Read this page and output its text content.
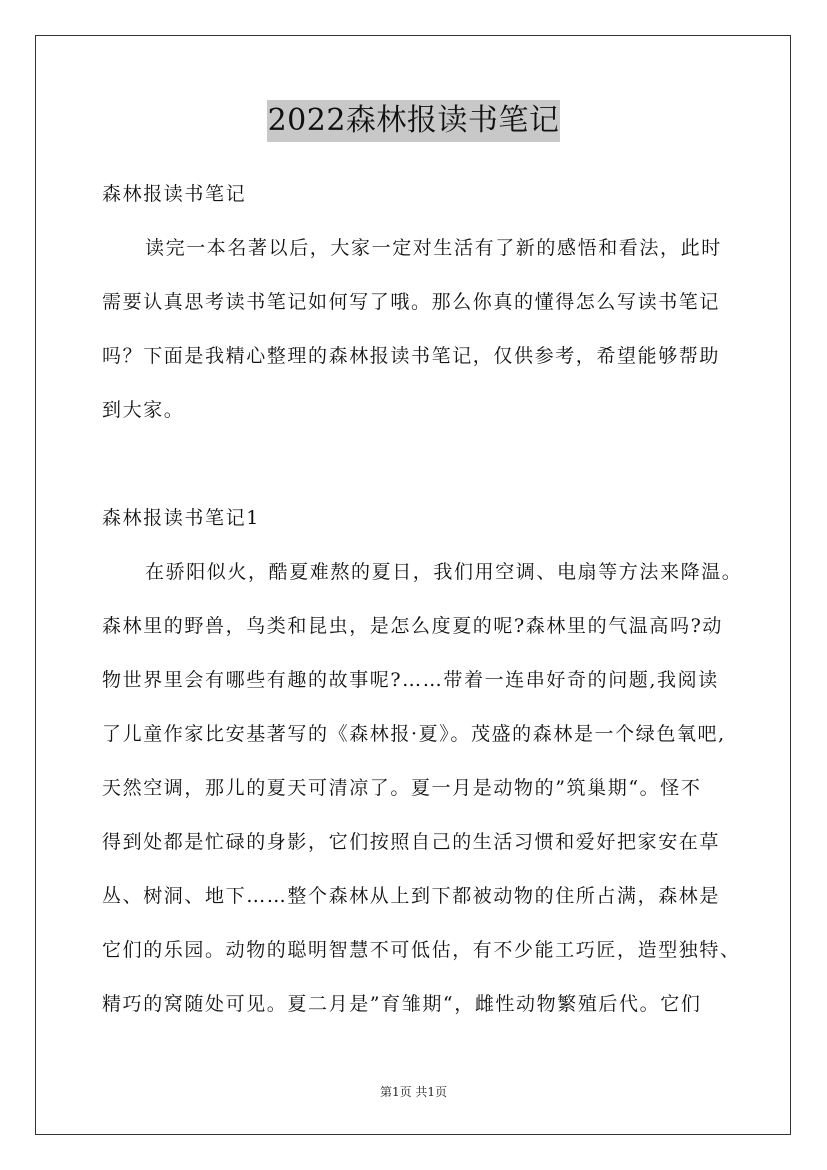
2022森林报读书笔记
森林报读书笔记
读完一本名著以后，大家一定对生活有了新的感悟和看法，此时
需要认真思考读书笔记如何写了哦。那么你真的懂得怎么写读书笔记
吗？下面是我精心整理的森林报读书笔记，仅供参考，希望能够帮助
到大家。
森林报读书笔记1
在骄阳似火，酷夏难熬的夏日，我们用空调、电扇等方法来降温。
森林里的野兽，鸟类和昆虫，是怎么度夏的呢?森林里的气温高吗?动
物世界里会有哪些有趣的故事呢?……带着一连串好奇的问题,我阅读
了儿童作家比安基著写的《森林报·夏》。茂盛的森林是一个绿色氧吧,
天然空调，那儿的夏天可清凉了。夏一月是动物的”筑巢期“。怪不
得到处都是忙碌的身影，它们按照自己的生活习惯和爱好把家安在草
丛、树洞、地下……整个森林从上到下都被动物的住所占满，森林是
它们的乐园。动物的聪明智慧不可低估，有不少能工巧匠，造型独特、
精巧的窝随处可见。夏二月是”育雏期“，雌性动物繁殖后代。它们
第1页 共1页
